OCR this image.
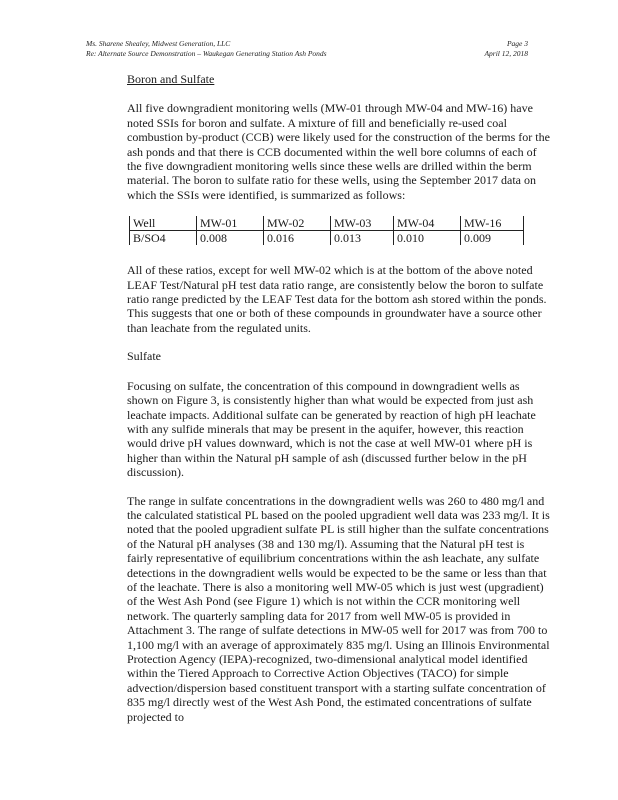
Ms. Sharene Shealey, Midwest Generation, LLC	Page 3
Re: Alternate Source Demonstration – Waukegan Generating Station Ash Ponds	April 12, 2018
Boron and Sulfate

All five downgradient monitoring wells (MW-01 through MW-04 and MW-16) have noted SSIs for boron and sulfate. A mixture of fill and beneficially re-used coal combustion by-product (CCB) were likely used for the construction of the berms for the ash ponds and that there is CCB documented within the well bore columns of each of the five downgradient monitoring wells since these wells are drilled within the berm material. The boron to sulfate ratio for these wells, using the September 2017 data on which the SSIs were identified, is summarized as follows:

Well	MW-01	MW-02	MW-03	MW-04	MW-16
B/SO4	0.008	0.016	0.013	0.010	0.009

All of these ratios, except for well MW-02 which is at the bottom of the above noted LEAF Test/Natural pH test data ratio range, are consistently below the boron to sulfate ratio range predicted by the LEAF Test data for the bottom ash stored within the ponds. This suggests that one or both of these compounds in groundwater have a source other than leachate from the regulated units.

Sulfate

Focusing on sulfate, the concentration of this compound in downgradient wells as shown on Figure 3, is consistently higher than what would be expected from just ash leachate impacts. Additional sulfate can be generated by reaction of high pH leachate with any sulfide minerals that may be present in the aquifer, however, this reaction would drive pH values downward, which is not the case at well MW-01 where pH is higher than within the Natural pH sample of ash (discussed further below in the pH discussion).

The range in sulfate concentrations in the downgradient wells was 260 to 480 mg/l and the calculated statistical PL based on the pooled upgradient well data was 233 mg/l. It is noted that the pooled upgradient sulfate PL is still higher than the sulfate concentrations of the Natural pH analyses (38 and 130 mg/l). Assuming that the Natural pH test is fairly representative of equilibrium concentrations within the ash leachate, any sulfate detections in the downgradient wells would be expected to be the same or less than that of the leachate. There is also a monitoring well MW-05 which is just west (upgradient) of the West Ash Pond (see Figure 1) which is not within the CCR monitoring well network. The quarterly sampling data for 2017 from well MW-05 is provided in Attachment 3. The range of sulfate detections in MW-05 well for 2017 was from 700 to 1,100 mg/l with an average of approximately 835 mg/l. Using an Illinois Environmental Protection Agency (IEPA)-recognized, two-dimensional analytical model identified within the Tiered Approach to Corrective Action Objectives (TACO) for simple advection/dispersion based constituent transport with a starting sulfate concentration of 835 mg/l directly west of the West Ash Pond, the estimated concentrations of sulfate projected to
